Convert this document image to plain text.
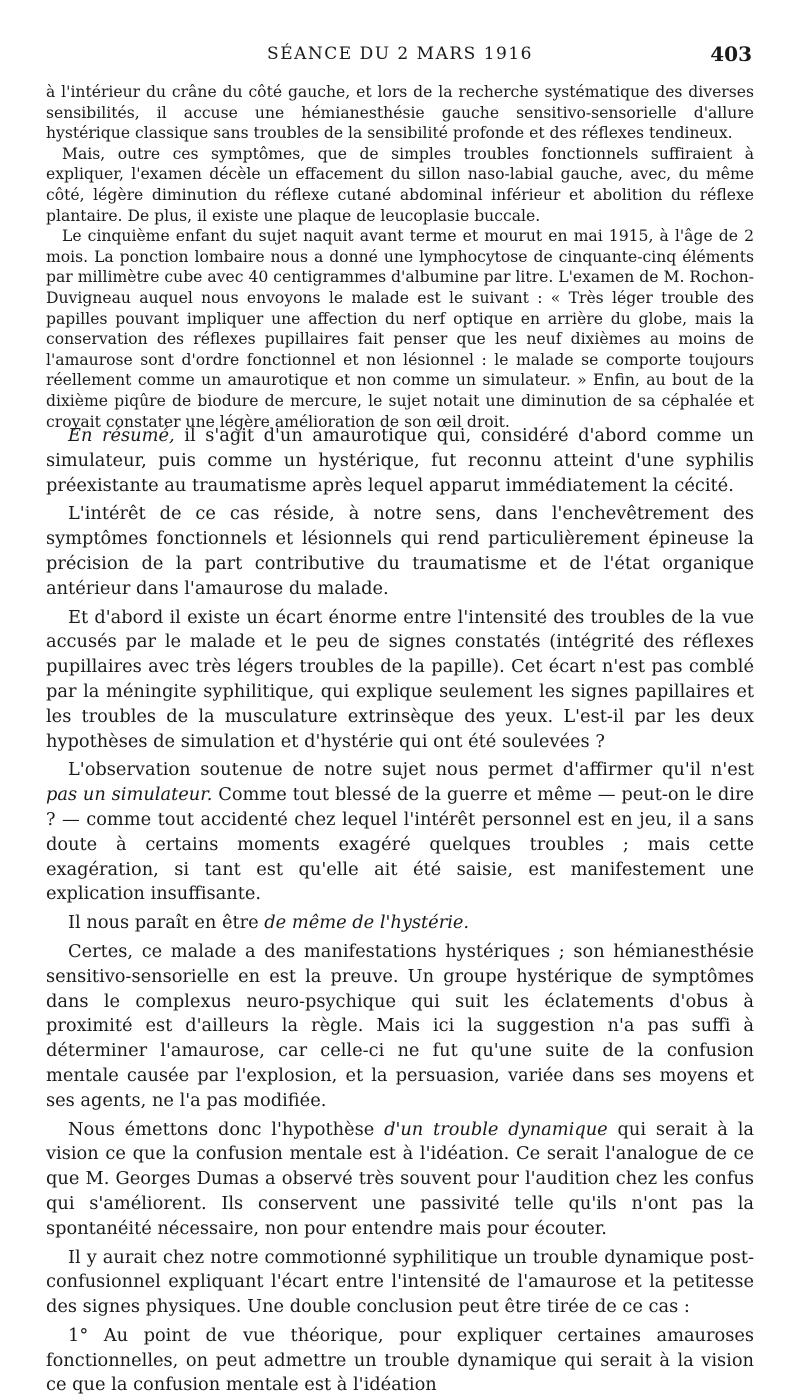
SÉANCE DU 2 MARS 1916	403

à l'intérieur du crâne du côté gauche, et lors de la recherche systématique des diverses sensibilités, il accuse une hémianesthésie gauche sensitivo-sensorielle d'allure hystérique classique sans troubles de la sensibilité profonde et des réflexes tendineux.

Mais, outre ces symptômes, que de simples troubles fonctionnels suffiraient à expliquer, l'examen décèle un effacement du sillon naso-labial gauche, avec, du même côté, légère diminution du réflexe cutané abdominal inférieur et abolition du réflexe plantaire. De plus, il existe une plaque de leucoplasie buccale.

Le cinquième enfant du sujet naquit avant terme et mourut en mai 1915, à l'âge de 2 mois. La ponction lombaire nous a donné une lymphocytose de cinquante-cinq éléments par millimètre cube avec 40 centigrammes d'albumine par litre. L'examen de M. Rochon-Duvigneau auquel nous envoyons le malade est le suivant : « Très léger trouble des papilles pouvant impliquer une affection du nerf optique en arrière du globe, mais la conservation des réflexes pupillaires fait penser que les neuf dixièmes au moins de l'amaurose sont d'ordre fonctionnel et non lésionnel : le malade se comporte toujours réellement comme un amaurotique et non comme un simulateur. » Enfin, au bout de la dixième piqûre de biodure de mercure, le sujet notait une diminution de sa céphalée et croyait constater une légère amélioration de son œil droit.

En résumé, il s'agit d'un amaurotique qui, considéré d'abord comme un simulateur, puis comme un hystérique, fut reconnu atteint d'une syphilis préexistante au traumatisme après lequel apparut immédiatement la cécité.

L'intérêt de ce cas réside, à notre sens, dans l'enchevêtrement des symptômes fonctionnels et lésionnels qui rend particulièrement épineuse la précision de la part contributive du traumatisme et de l'état organique antérieur dans l'amaurose du malade.

Et d'abord il existe un écart énorme entre l'intensité des troubles de la vue accusés par le malade et le peu de signes constatés (intégrité des réflexes pupillaires avec très légers troubles de la papille). Cet écart n'est pas comblé par la méningite syphilitique, qui explique seulement les signes papillaires et les troubles de la musculature extrinsèque des yeux. L'est-il par les deux hypothèses de simulation et d'hystérie qui ont été soulevées ?

L'observation soutenue de notre sujet nous permet d'affirmer qu'il n'est pas un simulateur. Comme tout blessé de la guerre et même — peut-on le dire ? — comme tout accidenté chez lequel l'intérêt personnel est en jeu, il a sans doute à certains moments exagéré quelques troubles ; mais cette exagération, si tant est qu'elle ait été saisie, est manifestement une explication insuffisante.

Il nous paraît en être de même de l'hystérie.

Certes, ce malade a des manifestations hystériques ; son hémianesthésie sensitivo-sensorielle en est la preuve. Un groupe hystérique de symptômes dans le complexus neuro-psychique qui suit les éclatements d'obus à proximité est d'ailleurs la règle. Mais ici la suggestion n'a pas suffi à déterminer l'amaurose, car celle-ci ne fut qu'une suite de la confusion mentale causée par l'explosion, et la persuasion, variée dans ses moyens et ses agents, ne l'a pas modifiée.

Nous émettons donc l'hypothèse d'un trouble dynamique qui serait à la vision ce que la confusion mentale est à l'idéation. Ce serait l'analogue de ce que M. Georges Dumas a observé très souvent pour l'audition chez les confus qui s'améliorent. Ils conservent une passivité telle qu'ils n'ont pas la spontanéité nécessaire, non pour entendre mais pour écouter.

Il y aurait chez notre commotionné syphilitique un trouble dynamique post-confusionnel expliquant l'écart entre l'intensité de l'amaurose et la petitesse des signes physiques. Une double conclusion peut être tirée de ce cas :

1° Au point de vue théorique, pour expliquer certaines amauroses fonctionnelles, on peut admettre un trouble dynamique qui serait à la vision ce que la confusion mentale est à l'idéation
